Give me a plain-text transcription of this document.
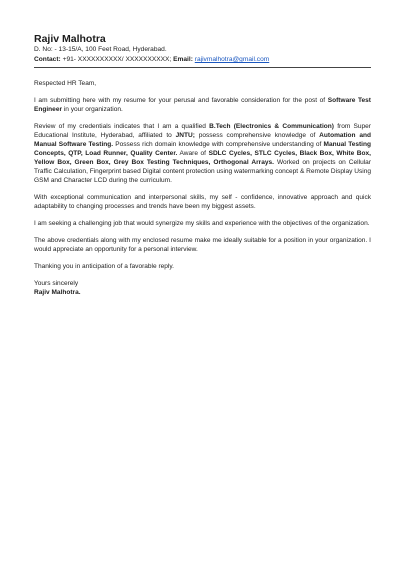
Rajiv Malhotra
D. No: - 13-15/A, 100 Feet Road, Hyderabad.
Contact: +91- XXXXXXXXXX/ XXXXXXXXXX; Email: rajivmalhotra@gmail.com

Respected HR Team,

I am submitting here with my resume for your perusal and favorable consideration for the post of Software Test Engineer in your organization.

Review of my credentials indicates that I am a qualified B.Tech (Electronics & Communication) from Super Educational Institute, Hyderabad, affiliated to JNTU; possess comprehensive knowledge of Automation and Manual Software Testing. Possess rich domain knowledge with comprehensive understanding of Manual Testing Concepts, QTP, Load Runner, Quality Center. Aware of SDLC Cycles, STLC Cycles, Black Box, White Box, Yellow Box, Green Box, Grey Box Testing Techniques, Orthogonal Arrays. Worked on projects on Cellular Traffic Calculation, Fingerprint based Digital content protection using watermarking concept & Remote Display Using GSM and Character LCD during the curriculum.

With exceptional communication and interpersonal skills, my self - confidence, innovative approach and quick adaptability to changing processes and trends have been my biggest assets.

I am seeking a challenging job that would synergize my skills and experience with the objectives of the organization.

The above credentials along with my enclosed resume make me ideally suitable for a position in your organization. I would appreciate an opportunity for a personal interview.

Thanking you in anticipation of a favorable reply.

Yours sincerely
Rajiv Malhotra.
